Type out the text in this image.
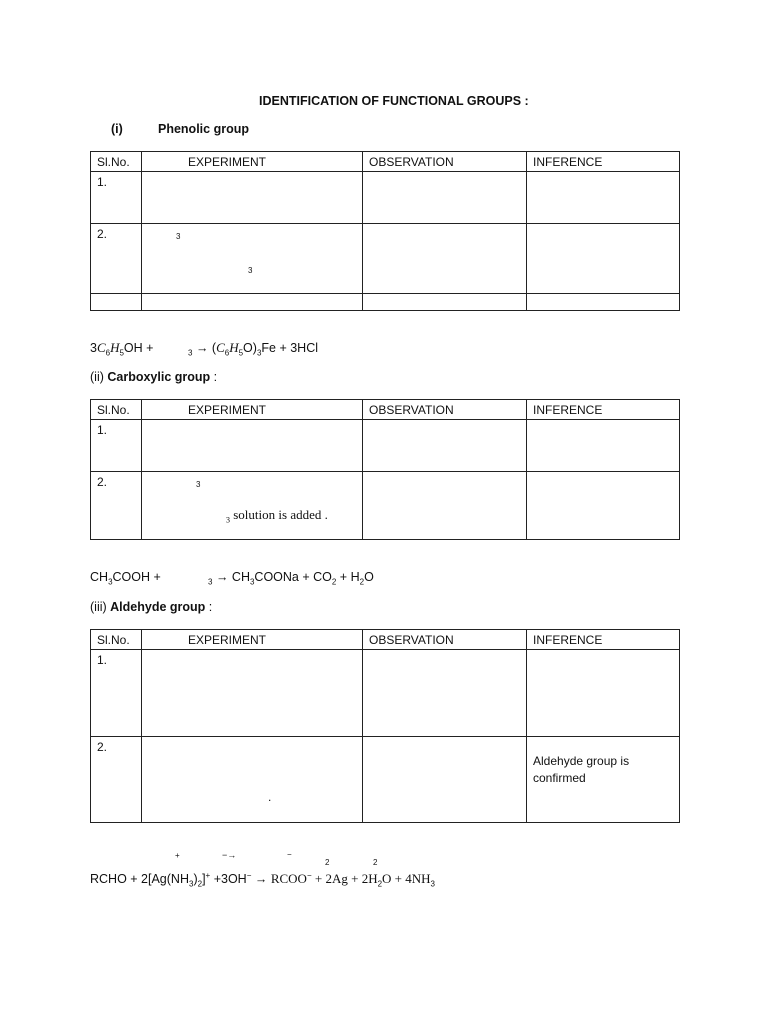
IDENTIFICATION OF FUNCTIONAL GROUPS :
(i)	Phenolic group
Sl.No.	EXPERIMENT	OBSERVATION	INFERENCE
1.			
2.	3
3		

$3C_6H_5OH$ +	$_3 \to (C_6H_5O)_3Fe + 3HCl$
(ii) Carboxylic group :
Sl.No.	EXPERIMENT	OBSERVATION	INFERENCE
1.			
2.	3
$_3$ solution is added .		

$CH_3COOH$ +	$_3 \to CH_3COONa + CO_2 + H_2O$
(iii) Aldehyde group :
Sl.No.	EXPERIMENT	OBSERVATION	INFERENCE
1.			
2.	.		Aldehyde group is confirmed
+	−→	−
2	2
RCHO + $2[Ag(NH_3)_2]^+ +3OH^-$ → RCOO− + $2Ag + 2H_2O + 4NH_3$
